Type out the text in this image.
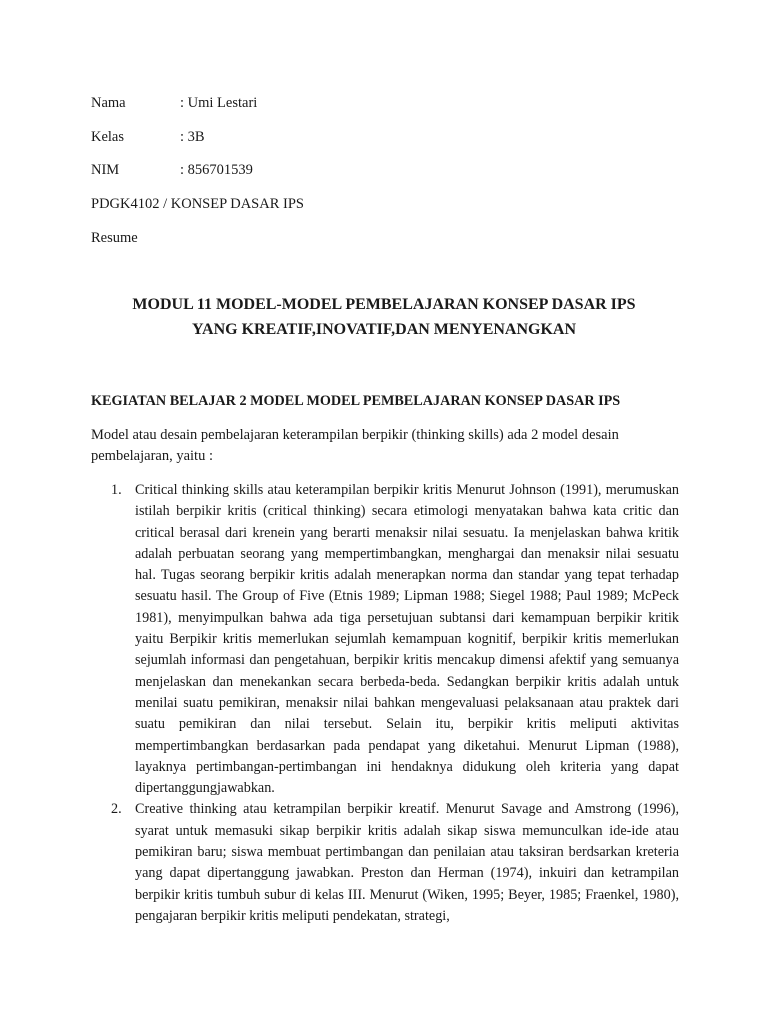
Nama	: Umi Lestari
Kelas	: 3B
NIM	: 856701539
PDGK4102 / KONSEP DASAR IPS
Resume
MODUL 11 MODEL-MODEL PEMBELAJARAN KONSEP DASAR IPS
YANG KREATIF,INOVATIF,DAN MENYENANGKAN
KEGIATAN BELAJAR 2 MODEL MODEL PEMBELAJARAN KONSEP DASAR IPS
Model atau desain pembelajaran keterampilan berpikir (thinking skills) ada 2 model desain pembelajaran, yaitu :
1. Critical thinking skills atau keterampilan berpikir kritis Menurut Johnson (1991), merumuskan istilah berpikir kritis (critical thinking) secara etimologi menyatakan bahwa kata critic dan critical berasal dari krenein yang berarti menaksir nilai sesuatu. Ia menjelaskan bahwa kritik adalah perbuatan seorang yang mempertimbangkan, menghargai dan menaksir nilai sesuatu hal. Tugas seorang berpikir kritis adalah menerapkan norma dan standar yang tepat terhadap sesuatu hasil. The Group of Five (Etnis 1989; Lipman 1988; Siegel 1988; Paul 1989; McPeck 1981), menyimpulkan bahwa ada tiga persetujuan subtansi dari kemampuan berpikir kritik yaitu Berpikir kritis memerlukan sejumlah kemampuan kognitif, berpikir kritis memerlukan sejumlah informasi dan pengetahuan, berpikir kritis mencakup dimensi afektif yang semuanya menjelaskan dan menekankan secara berbeda-beda. Sedangkan berpikir kritis adalah untuk menilai suatu pemikiran, menaksir nilai bahkan mengevaluasi pelaksanaan atau praktek dari suatu pemikiran dan nilai tersebut. Selain itu, berpikir kritis meliputi aktivitas mempertimbangkan berdasarkan pada pendapat yang diketahui. Menurut Lipman (1988), layaknya pertimbangan-pertimbangan ini hendaknya didukung oleh kriteria yang dapat dipertanggungjawabkan.
2. Creative thinking atau ketrampilan berpikir kreatif. Menurut Savage and Amstrong (1996), syarat untuk memasuki sikap berpikir kritis adalah sikap siswa memunculkan ide-ide atau pemikiran baru; siswa membuat pertimbangan dan penilaian atau taksiran berdsarkan kreteria yang dapat dipertanggung jawabkan. Preston dan Herman (1974), inkuiri dan ketrampilan berpikir kritis tumbuh subur di kelas III. Menurut (Wiken, 1995; Beyer, 1985; Fraenkel, 1980), pengajaran berpikir kritis meliputi pendekatan, strategi,
